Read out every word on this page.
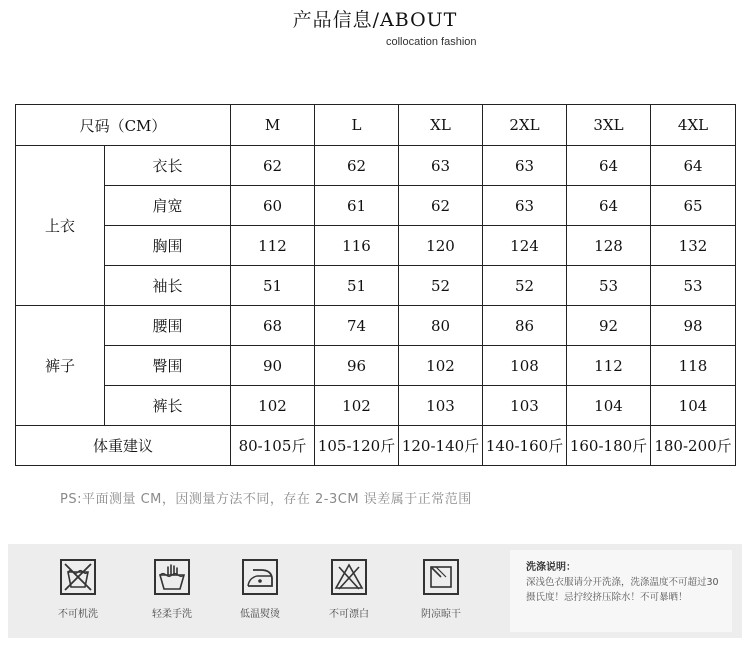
产品信息/ABOUT
collocation fashion
尺码（CM）		M	L	XL	2XL	3XL	4XL
上衣	衣长	62	62	63	63	64	64
	肩宽	60	61	62	63	64	65
	胸围	112	116	120	124	128	132
	袖长	51	51	52	52	53	53
裤子	腰围	68	74	80	86	92	98
	臀围	90	96	102	108	112	118
	裤长	102	102	103	103	104	104
体重建议		80-105斤	105-120斤	120-140斤	140-160斤	160-180斤	180-200斤
PS:平面测量 CM，因测量方法不同，存在 2-3CM 误差属于正常范围
不可机洗	轻柔手洗	低温熨烫	不可漂白	阴凉晾干
洗涤说明：
深浅色衣服请分开洗涤，洗涤温度不可超过30摄氏度！忌拧绞挤压除水！不可暴晒！
